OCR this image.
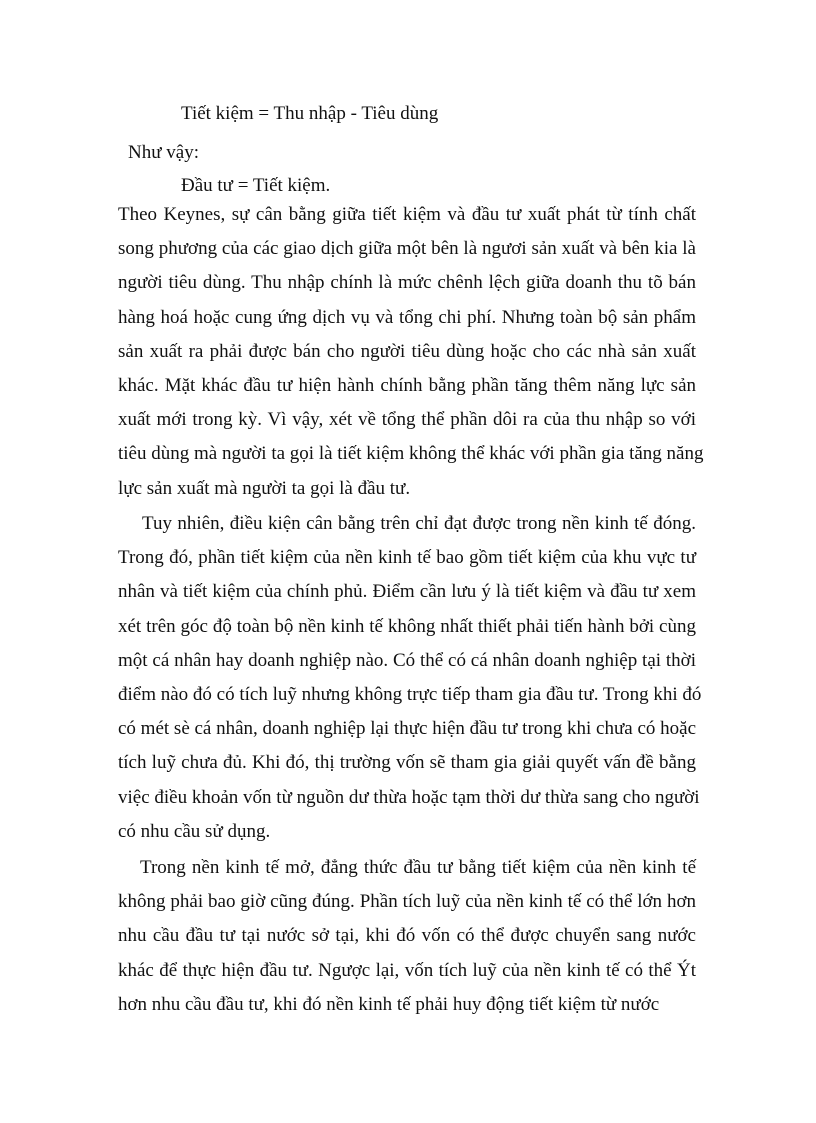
Tiết kiệm = Thu nhập - Tiêu dùng

Như vậy:

Đầu tư = Tiết kiệm.

Theo Keynes, sự cân bằng giữa tiết kiệm và đầu tư xuất phát từ tính chất
song phương của các giao dịch giữa một bên là ngươi sản xuất và bên kia là
người tiêu dùng. Thu nhập chính là mức chênh lệch giữa doanh thu tõ bán
hàng hoá hoặc cung ứng dịch vụ và tổng chi phí. Nhưng toàn bộ sản phẩm
sản xuất ra phải được bán cho người tiêu dùng hoặc cho các nhà sản xuất
khác. Mặt khác đầu tư hiện hành chính bằng phần tăng thêm năng lực sản
xuất mới trong kỳ. Vì vậy, xét về tổng thể phần dôi ra của thu nhập so với
tiêu dùng mà người ta gọi là tiết kiệm không thể khác với phần gia tăng năng
lực sản xuất mà người ta gọi là đầu tư.
Tuy nhiên, điều kiện cân bằng trên chỉ đạt được trong nền kinh tế đóng.
Trong đó, phần tiết kiệm của nền kinh tế bao gồm tiết kiệm của khu vực tư
nhân và tiết kiệm của chính phủ. Điểm cần lưu ý là tiết kiệm và đầu tư xem
xét trên góc độ toàn bộ nền kinh tế không nhất thiết phải tiến hành bởi cùng
một cá nhân hay doanh nghiệp nào. Có thể có cá nhân doanh nghiệp tại thời
điểm nào đó có tích luỹ nhưng không trực tiếp tham gia đầu tư. Trong khi đó
có mét sè cá nhân, doanh nghiệp lại thực hiện đầu tư trong khi chưa có hoặc
tích luỹ chưa đủ. Khi đó, thị trường vốn sẽ tham gia giải quyết vấn đề bằng
việc điều khoản vốn từ nguồn dư thừa hoặc tạm thời dư thừa sang cho người
có nhu cầu sử dụng.
Trong nền kinh tế mở, đẳng thức đầu tư bằng tiết kiệm của nền kinh tế
không phải bao giờ cũng đúng. Phần tích luỹ của nền kinh tế có thể lớn hơn
nhu cầu đầu tư tại nước sở tại, khi đó vốn có thể được chuyển sang nước
khác để thực hiện đầu tư. Ngược lại, vốn tích luỹ của nền kinh tế có thể Ýt
hơn nhu cầu đầu tư, khi đó nền kinh tế phải huy động tiết kiệm từ nước
